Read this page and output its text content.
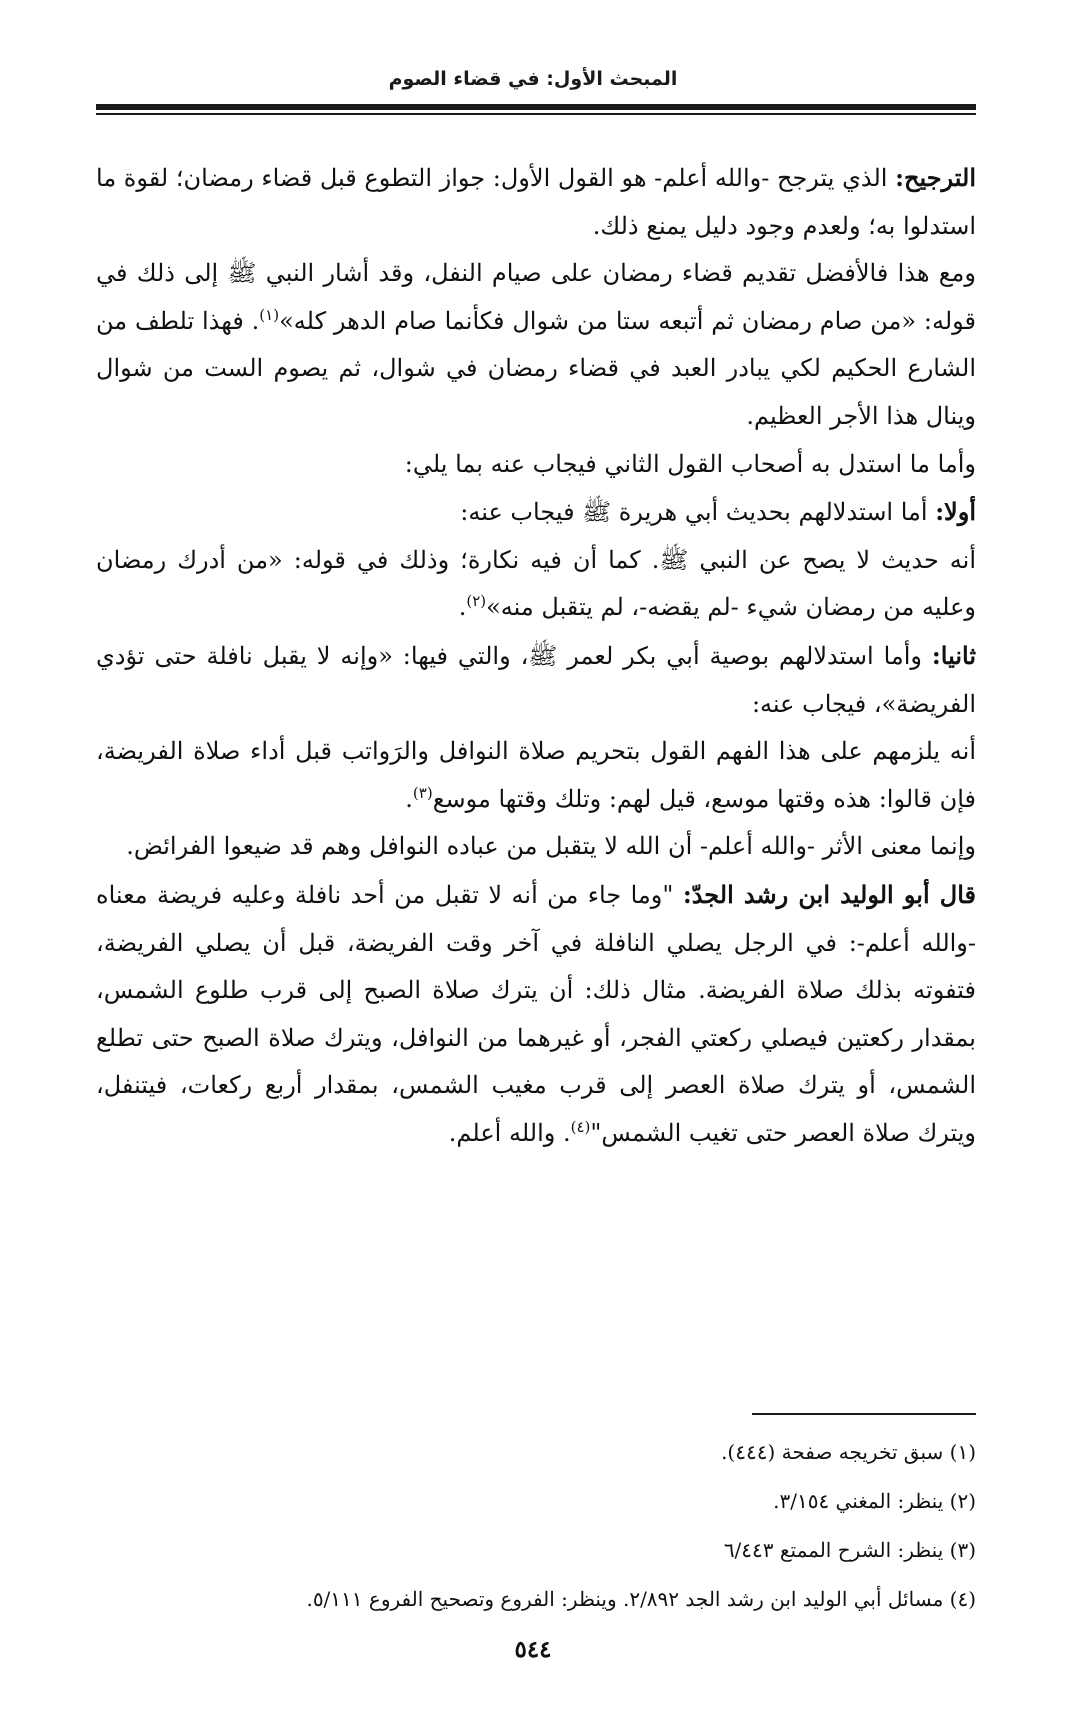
المبحث الأول: في قضاء الصوم

الترجيح: الذي يترجح -والله أعلم- هو القول الأول: جواز التطوع قبل قضاء رمضان؛ لقوة ما استدلوا به؛ ولعدم وجود دليل يمنع ذلك.

ومع هذا فالأفضل تقديم قضاء رمضان على صيام النفل، وقد أشار النبي ﷺ إلى ذلك في قوله: «من صام رمضان ثم أتبعه ستا من شوال فكأنما صام الدهر كله»$^{(١)}$. فهذا تلطف من الشارع الحكيم لكي يبادر العبد في قضاء رمضان في شوال، ثم يصوم الست من شوال وينال هذا الأجر العظيم.

وأما ما استدل به أصحاب القول الثاني فيجاب عنه بما يلي:

أولا: أما استدلالهم بحديث أبي هريرة ﷺ فيجاب عنه:

أنه حديث لا يصح عن النبي ﷺ. كما أن فيه نكارة؛ وذلك في قوله: «من أدرك رمضان وعليه من رمضان شيء -لم يقضه-، لم يتقبل منه»$^{(٢)}$.

ثانيا: وأما استدلالهم بوصية أبي بكر لعمر ﷺ، والتي فيها: «وإنه لا يقبل نافلة حتى تؤدي الفريضة»، فيجاب عنه:

أنه يلزمهم على هذا الفهم القول بتحريم صلاة النوافل والرَواتب قبل أداء صلاة الفريضة، فإن قالوا: هذه وقتها موسع، قيل لهم: وتلك وقتها موسع$^{(٣)}$.

وإنما معنى الأثر -والله أعلم- أن الله لا يتقبل من عباده النوافل وهم قد ضيعوا الفرائض.

قال أبو الوليد ابن رشد الجدّ: "وما جاء من أنه لا تقبل من أحد نافلة وعليه فريضة معناه -والله أعلم-: في الرجل يصلي النافلة في آخر وقت الفريضة، قبل أن يصلي الفريضة، فتفوته بذلك صلاة الفريضة. مثال ذلك: أن يترك صلاة الصبح إلى قرب طلوع الشمس، بمقدار ركعتين فيصلي ركعتي الفجر، أو غيرهما من النوافل، ويترك صلاة الصبح حتى تطلع الشمس، أو يترك صلاة العصر إلى قرب مغيب الشمس، بمقدار أربع ركعات، فيتنفل، ويترك صلاة العصر حتى تغيب الشمس"$^{(٤)}$. والله أعلم.

(١) سبق تخريجه صفحة (٤٤٤).

(٢) ينظر: المغني ٣/١٥٤.

(٣) ينظر: الشرح الممتع ٦/٤٤٣

(٤) مسائل أبي الوليد ابن رشد الجد ٢/٨٩٢. وينظر: الفروع وتصحيح الفروع ٥/١١١.

٥٤٤
